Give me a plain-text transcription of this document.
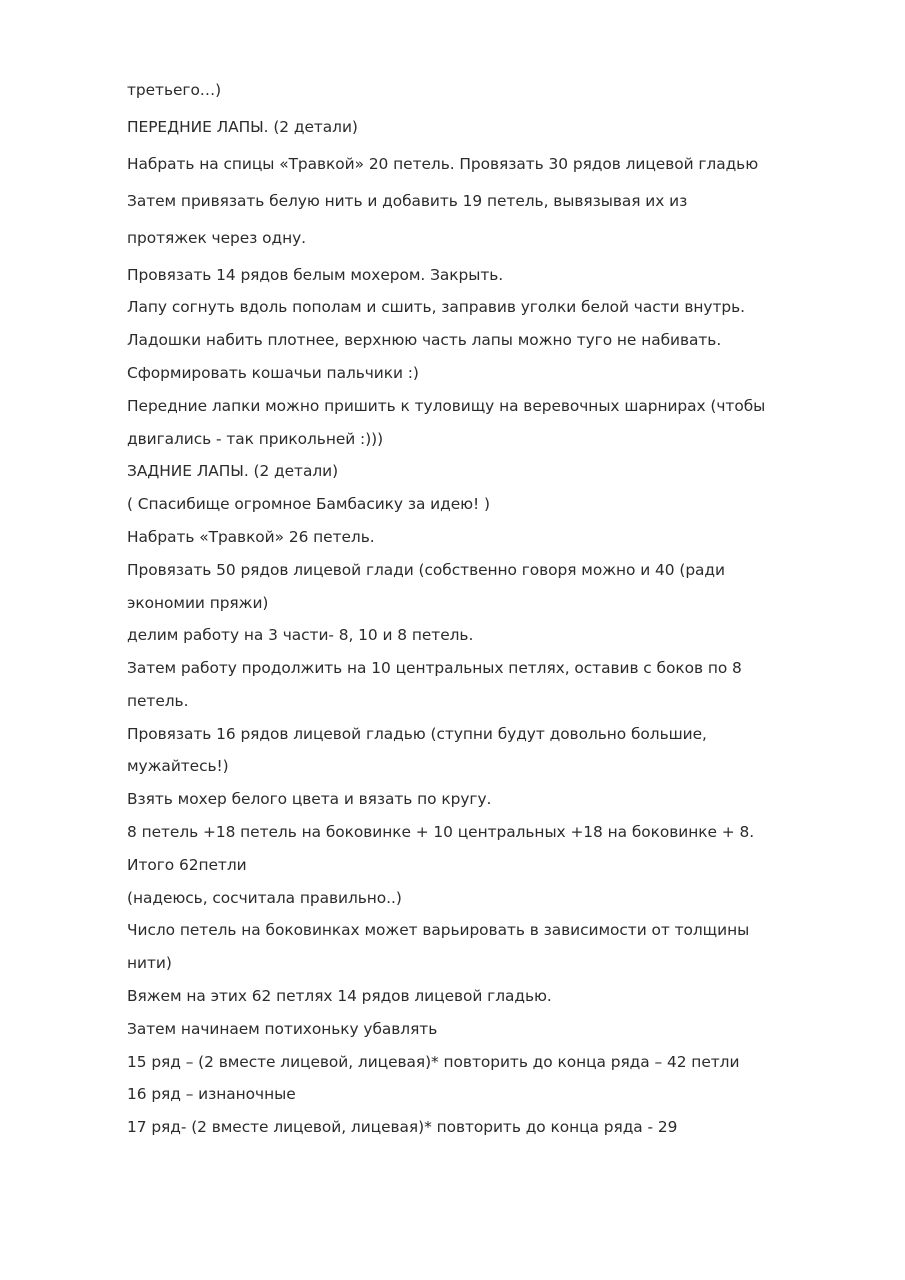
третьего…)
ПЕРЕДНИЕ ЛАПЫ. (2 детали)
Набрать на спицы «Травкой» 20 петель. Провязать 30 рядов лицевой гладью
Затем привязать белую нить и добавить 19 петель, вывязывая их из
протяжек через одну.
Провязать 14 рядов белым мохером. Закрыть.
Лапу согнуть вдоль пополам и сшить, заправив уголки белой части внутрь.
Ладошки набить плотнее, верхнюю часть лапы можно туго не набивать.
Сформировать кошачьи пальчики :)
Передние лапки можно пришить к туловищу на веревочных шарнирах (чтобы
двигались - так прикольней :)))
ЗАДНИЕ ЛАПЫ. (2 детали)
( Спасибище огромное Бамбасику за идею! )
Набрать «Травкой» 26 петель.
Провязать 50 рядов лицевой глади (собственно говоря можно и 40 (ради
экономии пряжи)
делим работу на 3 части- 8, 10 и 8 петель.
Затем работу продолжить на 10 центральных петлях, оставив с боков по 8
петель.
Провязать 16 рядов лицевой гладью (ступни будут довольно большие,
мужайтесь!)
Взять мохер белого цвета и вязать по кругу.
8 петель +18 петель на боковинке + 10 центральных +18 на боковинке + 8.
Итого 62петли
(надеюсь, сосчитала правильно..)
Число петель на боковинках может варьировать в зависимости от толщины
нити)
Вяжем на этих 62 петлях 14 рядов лицевой гладью.
Затем начинаем потихоньку убавлять
15 ряд – (2 вместе лицевой, лицевая)* повторить до конца ряда – 42 петли
16 ряд – изнаночные
17 ряд- (2 вместе лицевой, лицевая)* повторить до конца ряда - 29
